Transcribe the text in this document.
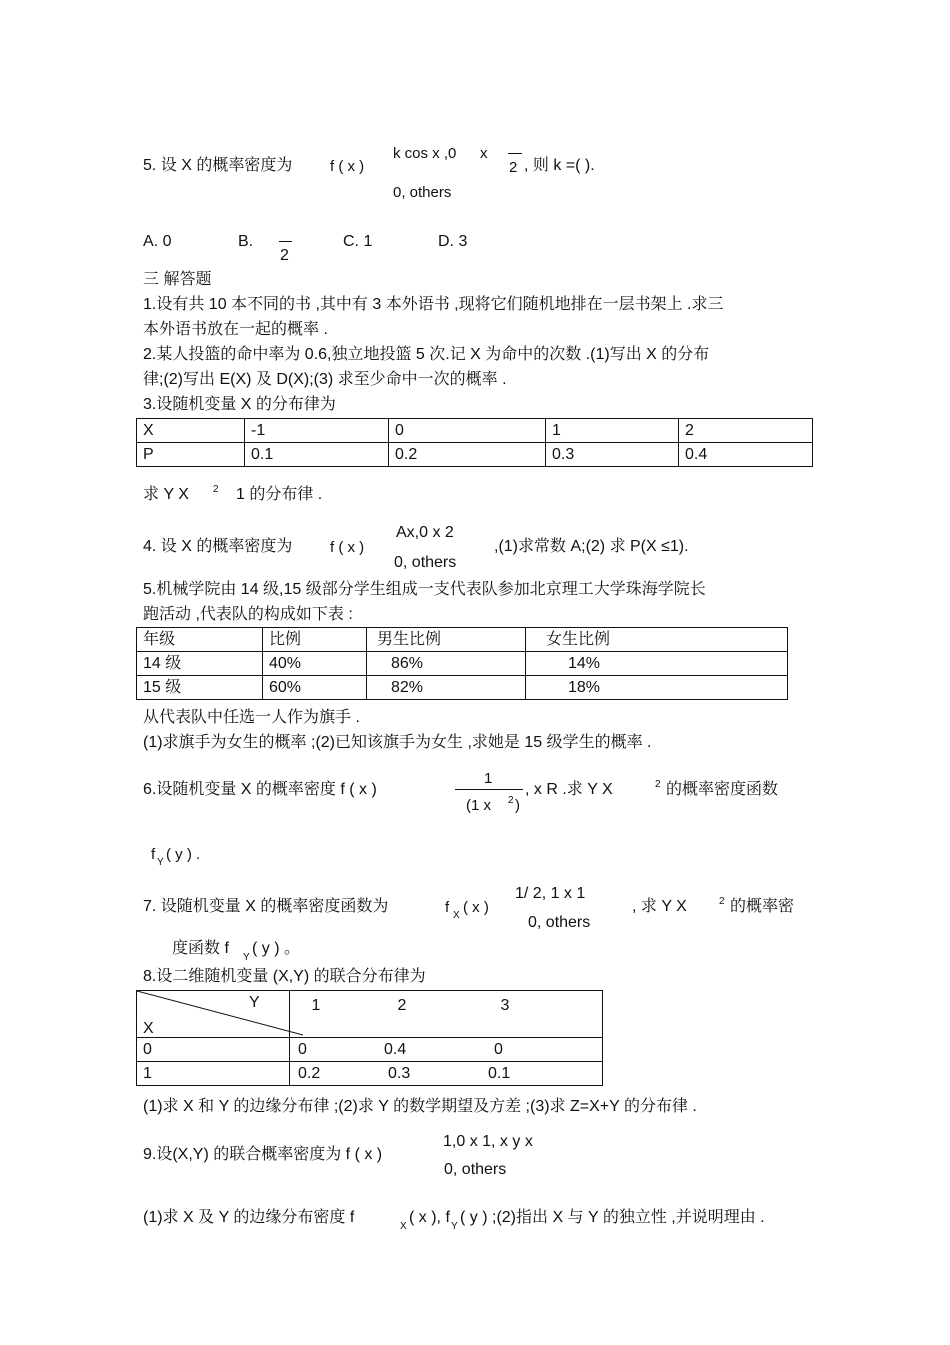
5. 设 X 的概率密度为	f ( x )
k cos x ,0 x
2 , 则 k =( ).
0, others
A. 0	B.
2
C. 1	D. 3
三 解答题
1.设有共 10 本不同的书 ,其中有 3 本外语书 ,现将它们随机地排在一层书架上 .求三
本外语书放在一起的概率 .
2.某人投篮的命中率为 0.6,独立地投篮 5 次.记 X 为命中的次数 .(1)写出 X 的分布
律;(2)写出 E(X) 及 D(X);(3) 求至少命中一次的概率 .
3.设随机变量 X 的分布律为
X	-1	0	1	2
P	0.1	0.2	0.3	0.4
求 Y X 2 1 的分布律 .
4. 设 X 的概率密度为	f ( x )
Ax,0 x 2
0, others
,(1)求常数 A;(2) 求 P(X ≤1).
5.机械学院由 14 级,15 级部分学生组成一支代表队参加北京理工大学珠海学院长
跑活动 ,代表队的构成如下表 :
年级	比例	男生比例	女生比例
14 级	40%	86%	14%
15 级	60%	82%	18%
从代表队中任选一人作为旗手 .
(1)求旗手为女生的概率 ;(2)已知该旗手为女生 ,求她是 15 级学生的概率 .
6.设随机变量 X 的概率密度 f ( x )
1
(1 x 2 )
, x R .求 Y X	2 的概率密度函数
f Y ( y ) .
7. 设随机变量 X 的概率密度函数为	f X ( x )
1/ 2, 1 x 1
0, others
, 求 Y X	2 的概率密
度函数 f
Y
( y ) 。
8.设二维随机变量 (X,Y) 的联合分布律为
Y
X	1 2 3

0	0 0.4 0

1	0.2 0.3 0.1
(1)求 X 和 Y 的边缘分布律 ;(2)求 Y 的数学期望及方差 ;(3)求 Z=X+Y 的分布律 .
9.设(X,Y) 的联合概率密度为 f ( x )
1,0 x 1, x y x
0, others
(1)求 X 及 Y 的边缘分布密度 f
X
( x ), f
Y
( y ) ;(2)指出 X 与 Y 的独立性 ,并说明理由 .
